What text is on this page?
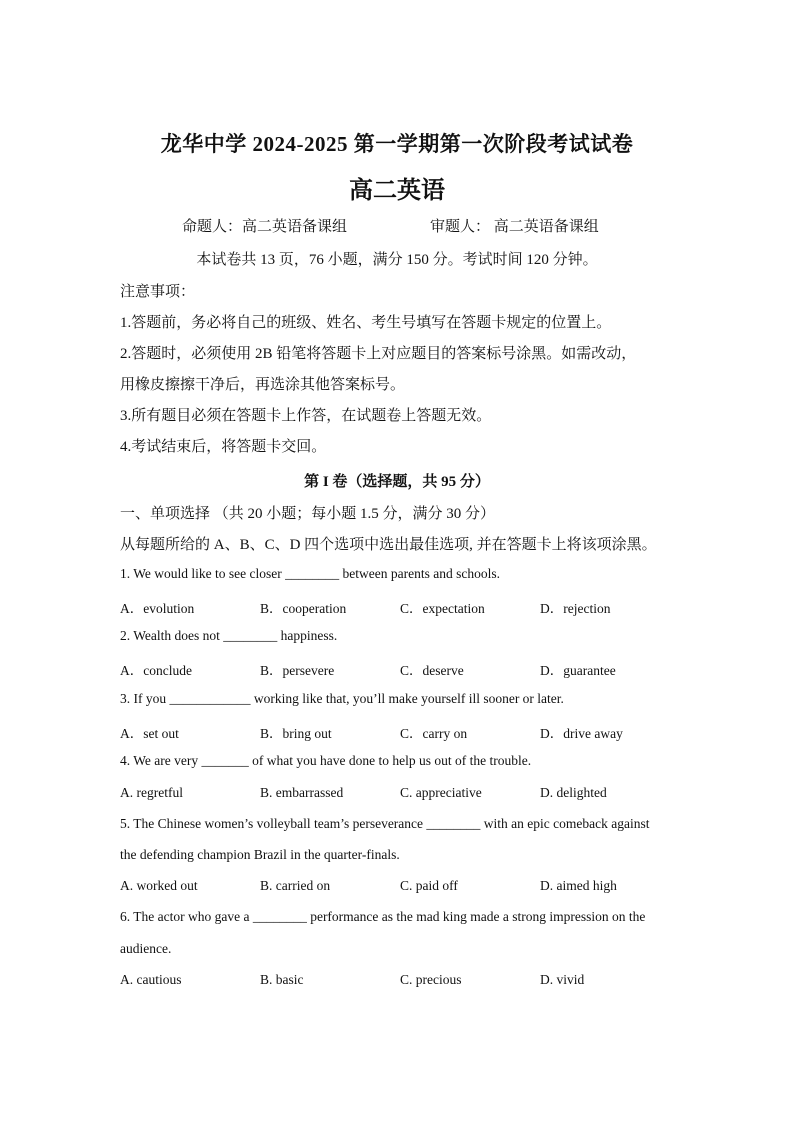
龙华中学 2024-2025 第一学期第一次阶段考试试卷
高二英语
命题人：高二英语备课组	审题人： 高二英语备课组
本试卷共 13 页，76 小题，满分 150 分。考试时间 120 分钟。
注意事项：
1.答题前，务必将自己的班级、姓名、考生号填写在答题卡规定的位置上。
2.答题时，必须使用 2B 铅笔将答题卡上对应题目的答案标号涂黑。如需改动，
用橡皮擦擦干净后，再选涂其他答案标号。
3.所有题目必须在答题卡上作答，在试题卷上答题无效。
4.考试结束后，将答题卡交回。
第 I 卷（选择题，共 95 分）
一、单项选择 （共 20 小题；每小题 1.5 分，满分 30 分）
从每题所给的 A、B、C、D 四个选项中选出最佳选项, 并在答题卡上将该项涂黑。
1. We would like to see closer ________ between parents and schools.
A．evolution	B．cooperation	C．expectation	D．rejection
2. Wealth does not ________ happiness.
A．conclude	B．persevere	C．deserve	D．guarantee
3. If you ____________ working like that, you’ll make yourself ill sooner or later.
A．set out	B．bring out	C．carry on	D．drive away
4. We are very _______ of what you have done to help us out of the trouble.
A. regretful	B. embarrassed	C. appreciative	D. delighted
5. The Chinese women’s volleyball team’s perseverance ________ with an epic comeback against
the defending champion Brazil in the quarter-finals.
A. worked out	B. carried on	C. paid off	D. aimed high
6. The actor who gave a ________ performance as the mad king made a strong impression on the
audience.
A. cautious	B. basic	C. precious	D. vivid
